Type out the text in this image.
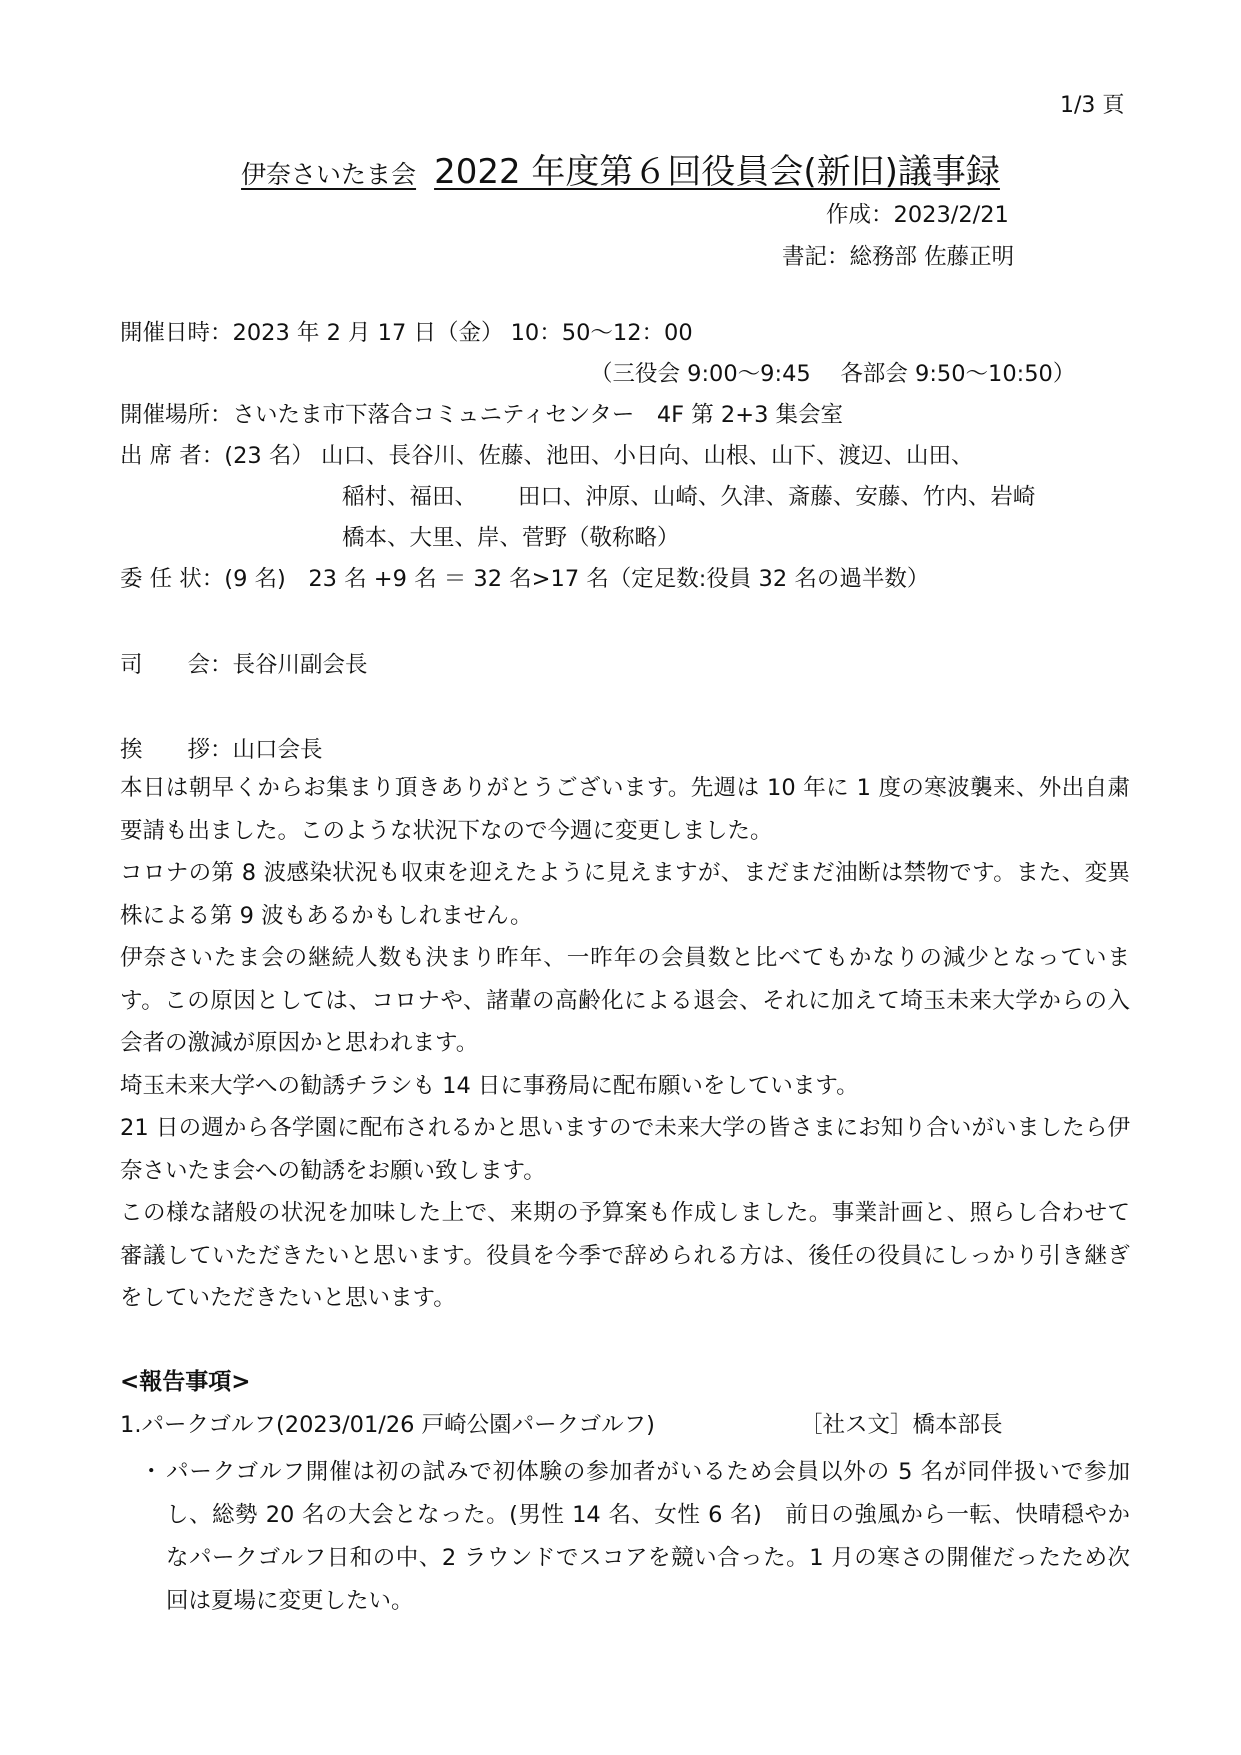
1/3 頁
伊奈さいたま会 2022 年度第６回役員会(新旧)議事録
作成：2023/2/21
書記：総務部 佐藤正明
開催日時：2023 年 2 月 17 日（金） 10：50～12：00
（三役会 9:00～9:45　 各部会 9:50～10:50）
開催場所：さいたま市下落合コミュニティセンター　4F 第 2+3 集会室
出 席 者：(23 名） 山口、長谷川、佐藤、池田、小日向、山根、山下、渡辺、山田、
稲村、福田、　　 田口、沖原、山崎、久津、斎藤、安藤、竹内、岩崎
橋本、大里、岸、菅野（敬称略）
委 任 状：(9 名)　23 名 +9 名 ＝ 32 名>17 名（定足数:役員 32 名の過半数）
司　　会：長谷川副会長
挨　　拶：山口会長

本日は朝早くからお集まり頂きありがとうございます。先週は 10 年に 1 度の寒波襲来、外出自粛要請も出ました。このような状況下なので今週に変更しました。

コロナの第 8 波感染状況も収束を迎えたように見えますが、まだまだ油断は禁物です。また、変異株による第 9 波もあるかもしれません。

伊奈さいたま会の継続人数も決まり昨年、一昨年の会員数と比べてもかなりの減少となっています。この原因としては、コロナや、諸輩の高齢化による退会、それに加えて埼玉未来大学からの入会者の激減が原因かと思われます。

埼玉未来大学への勧誘チラシも 14 日に事務局に配布願いをしています。

21 日の週から各学園に配布されるかと思いますので未来大学の皆さまにお知り合いがいましたら伊奈さいたま会への勧誘をお願い致します。

この様な諸般の状況を加味した上で、来期の予算案も作成しました。事業計画と、照らし合わせて審議していただきたいと思います。役員を今季で辞められる方は、後任の役員にしっかり引き継ぎをしていただきたいと思います。

<報告事項>
1.パークゴルフ(2023/01/26 戸崎公園パークゴルフ)	［社ス文］橋本部長
・ パークゴルフ開催は初の試みで初体験の参加者がいるため会員以外の 5 名が同伴扱いで参加し、総勢 20 名の大会となった。(男性 14 名、女性 6 名)　前日の強風から一転、快晴穏やかなパークゴルフ日和の中、2 ラウンドでスコアを競い合った。1 月の寒さの開催だったため次回は夏場に変更したい。
